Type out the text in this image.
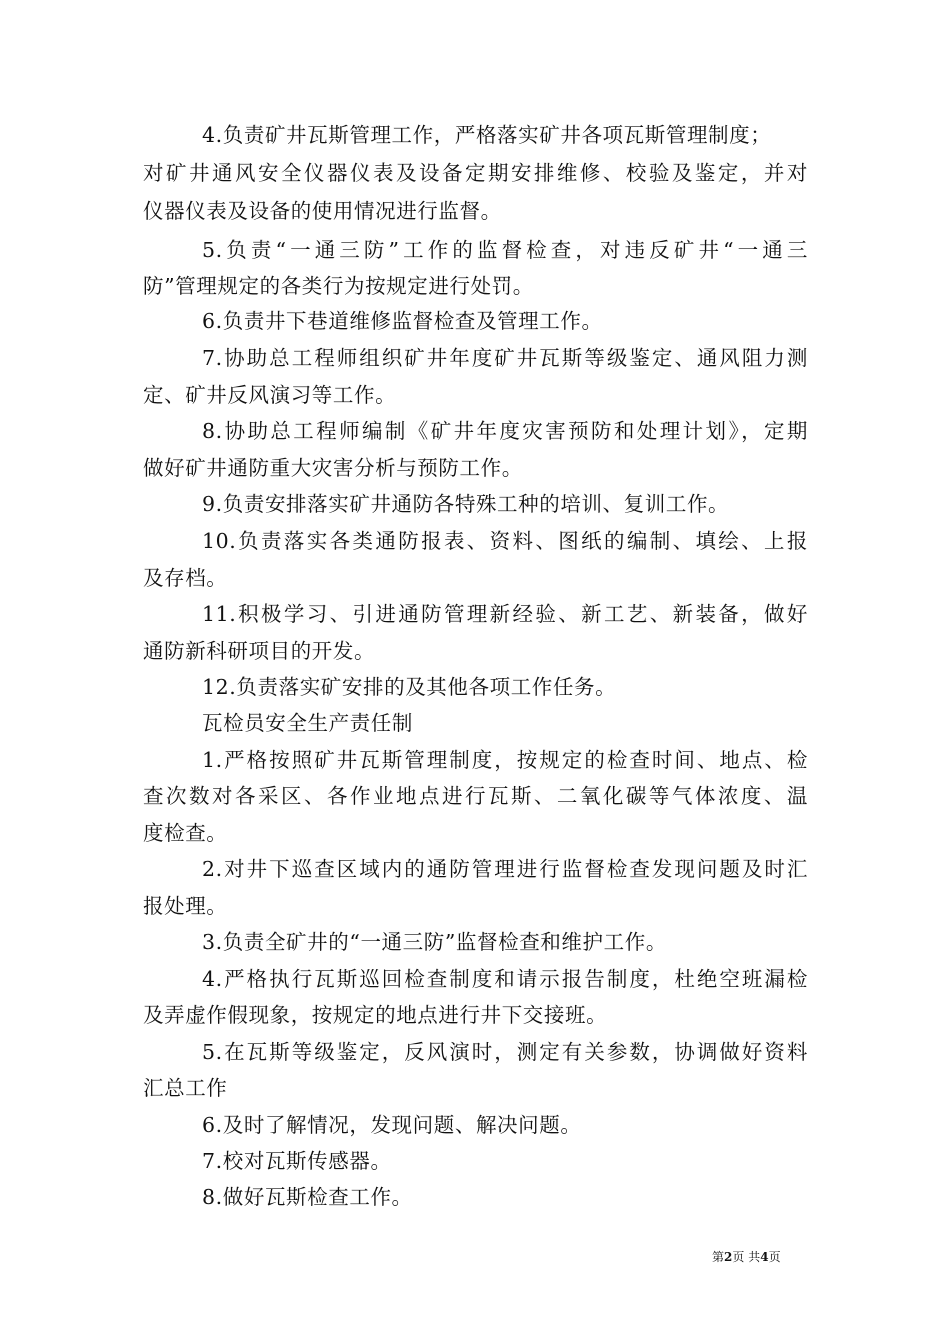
4.负责矿井瓦斯管理工作，严格落实矿井各项瓦斯管理制度；
对矿井通风安全仪器仪表及设备定期安排维修、校验及鉴定，并对
仪器仪表及设备的使用情况进行监督。
5.负责“一通三防”工作的监督检查，对违反矿井“一通三
防”管理规定的各类行为按规定进行处罚。
6.负责井下巷道维修监督检查及管理工作。
7.协助总工程师组织矿井年度矿井瓦斯等级鉴定、通风阻力测
定、矿井反风演习等工作。
8.协助总工程师编制《矿井年度灾害预防和处理计划》，定期
做好矿井通防重大灾害分析与预防工作。
9.负责安排落实矿井通防各特殊工种的培训、复训工作。
10.负责落实各类通防报表、资料、图纸的编制、填绘、上报
及存档。
11.积极学习、引进通防管理新经验、新工艺、新装备，做好
通防新科研项目的开发。
12.负责落实矿安排的及其他各项工作任务。
瓦检员安全生产责任制
1.严格按照矿井瓦斯管理制度，按规定的检查时间、地点、检
查次数对各采区、各作业地点进行瓦斯、二氧化碳等气体浓度、温
度检查。
2.对井下巡查区域内的通防管理进行监督检查发现问题及时汇
报处理。
3.负责全矿井的“一通三防”监督检查和维护工作。
4.严格执行瓦斯巡回检查制度和请示报告制度，杜绝空班漏检
及弄虚作假现象，按规定的地点进行井下交接班。
5.在瓦斯等级鉴定，反风演时，测定有关参数，协调做好资料
汇总工作
6.及时了解情况，发现问题、解决问题。
7.校对瓦斯传感器。
8.做好瓦斯检查工作。
第2页 共4页
